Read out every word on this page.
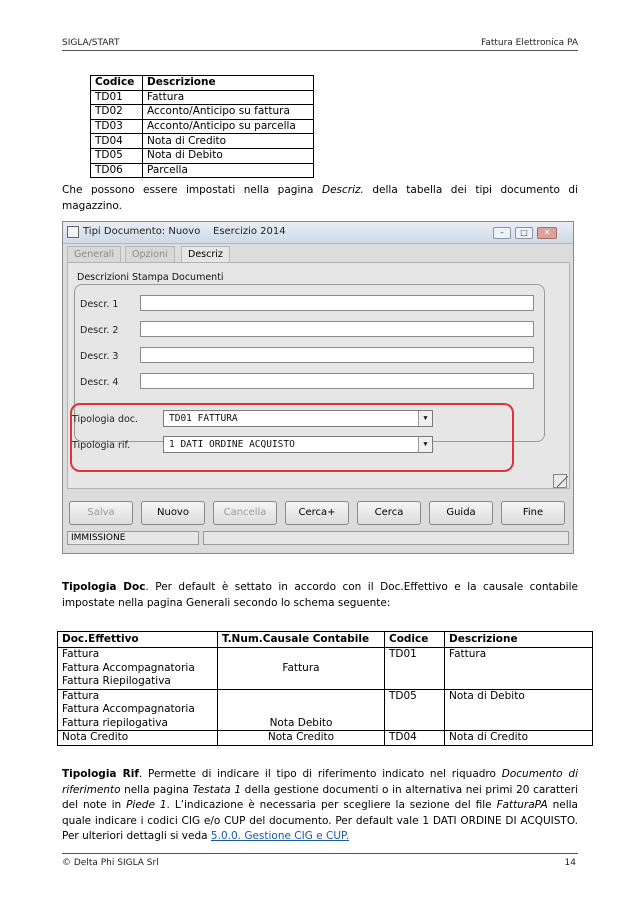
SIGLA/START	Fattura Elettronica PA
Codice	Descrizione
TD01	Fattura
TD02	Acconto/Anticipo su fattura
TD03	Acconto/Anticipo su parcella
TD04	Nota di Credito
TD05	Nota di Debito
TD06	Parcella
Che possono essere impostati nella pagina Descriz. della tabella dei tipi documento di magazzino.
Tipi Documento: Nuovo Esercizio 2014	–	□	✕
Generali	Opzioni	Descriz
Descrizioni Stampa Documenti
Descr. 1
Descr. 2
Descr. 3
Descr. 4
Tipologia doc.	TD01 FATTURA	▼
Tipologia rif.	1 DATI ORDINE ACQUISTO	▼
Salva	Nuovo	Cancella	Cerca+	Cerca	Guida	Fine
IMMISSIONE
Tipologia Doc. Per default è settato in accordo con il Doc.Effettivo e la causale contabile impostate nella pagina Generali secondo lo schema seguente:
Doc.Effettivo	T.Num.Causale Contabile	Codice	Descrizione

Fattura
Fattura Accompagnatoria
Fattura Riepilogativa	Fattura	TD01	Fattura

Fattura
Fattura Accompagnatoria
Fattura riepilogativa	Nota Debito	TD05	Nota di Debito

Nota Credito	Nota Credito	TD04	Nota di Credito
Tipologia Rif. Permette di indicare il tipo di riferimento indicato nel riquadro Documento di riferimento nella pagina Testata 1 della gestione documenti o in alternativa nei primi 20 caratteri del note in Piede 1. L’indicazione è necessaria per scegliere la sezione del file FatturaPA nella quale indicare i codici CIG e/o CUP del documento. Per default vale 1 DATI ORDINE DI ACQUISTO. Per ulteriori dettagli si veda 5.0.0. Gestione CIG e CUP.
© Delta Phi SIGLA Srl	14
